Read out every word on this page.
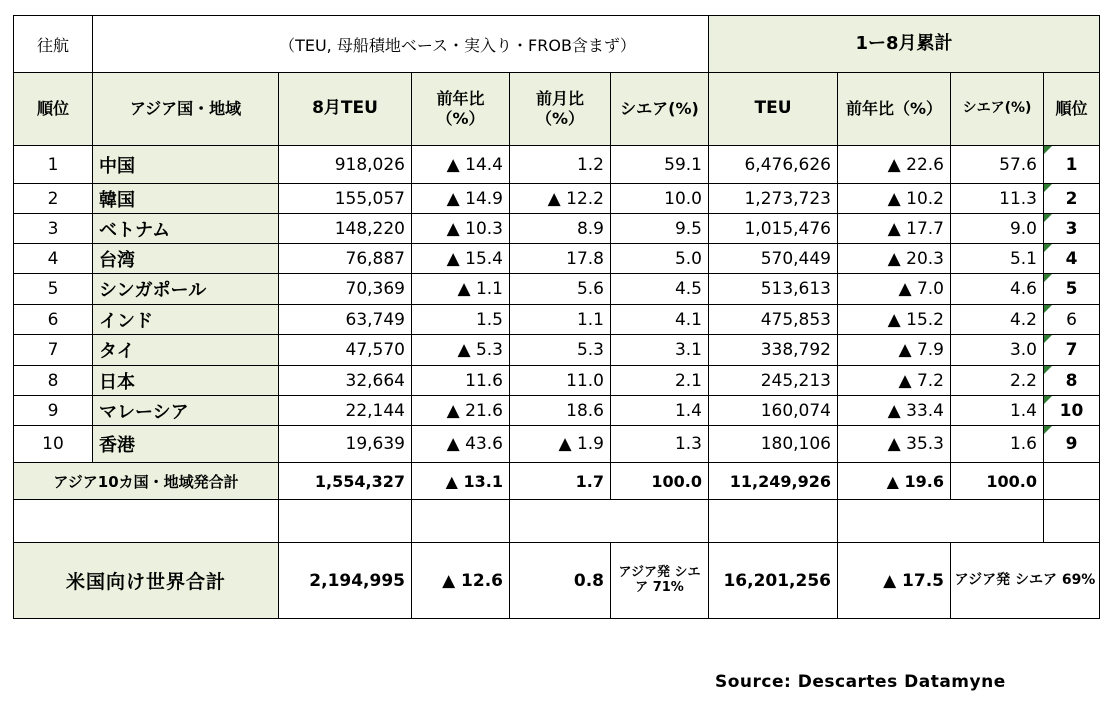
往航	（TEU, 母船積地ベース・実入り・FROB含まず）					1ー8月累計			
順位	アジア国・地域	8月TEU	前年比（%）	前月比（%）	シエア(%)	TEU	前年比（%）	シエア(%)	順位
1	中国	918,026	▲ 14.4	1.2	59.1	6,476,626	▲ 22.6	57.6	1
2	韓国	155,057	▲ 14.9	▲ 12.2	10.0	1,273,723	▲ 10.2	11.3	2
3	ベトナム	148,220	▲ 10.3	8.9	9.5	1,015,476	▲ 17.7	9.0	3
4	台湾	76,887	▲ 15.4	17.8	5.0	570,449	▲ 20.3	5.1	4
5	シンガポール	70,369	▲ 1.1	5.6	4.5	513,613	▲ 7.0	4.6	5
6	インド	63,749	1.5	1.1	4.1	475,853	▲ 15.2	4.2	6
7	タイ	47,570	▲ 5.3	5.3	3.1	338,792	▲ 7.9	3.0	7
8	日本	32,664	11.6	11.0	2.1	245,213	▲ 7.2	2.2	8
9	マレーシア	22,144	▲ 21.6	18.6	1.4	160,074	▲ 33.4	1.4	10
10	香港	19,639	▲ 43.6	▲ 1.9	1.3	180,106	▲ 35.3	1.6	9
アジア10カ国・地域発合計		1,554,327	▲ 13.1	1.7	100.0	11,249,926	▲ 19.6	100.0	

米国向け世界合計		2,194,995	▲ 12.6	0.8	アジア発 シエア 71%	16,201,256	▲ 17.5	アジア発 シエア 69%	
Source: Descartes Datamyne
